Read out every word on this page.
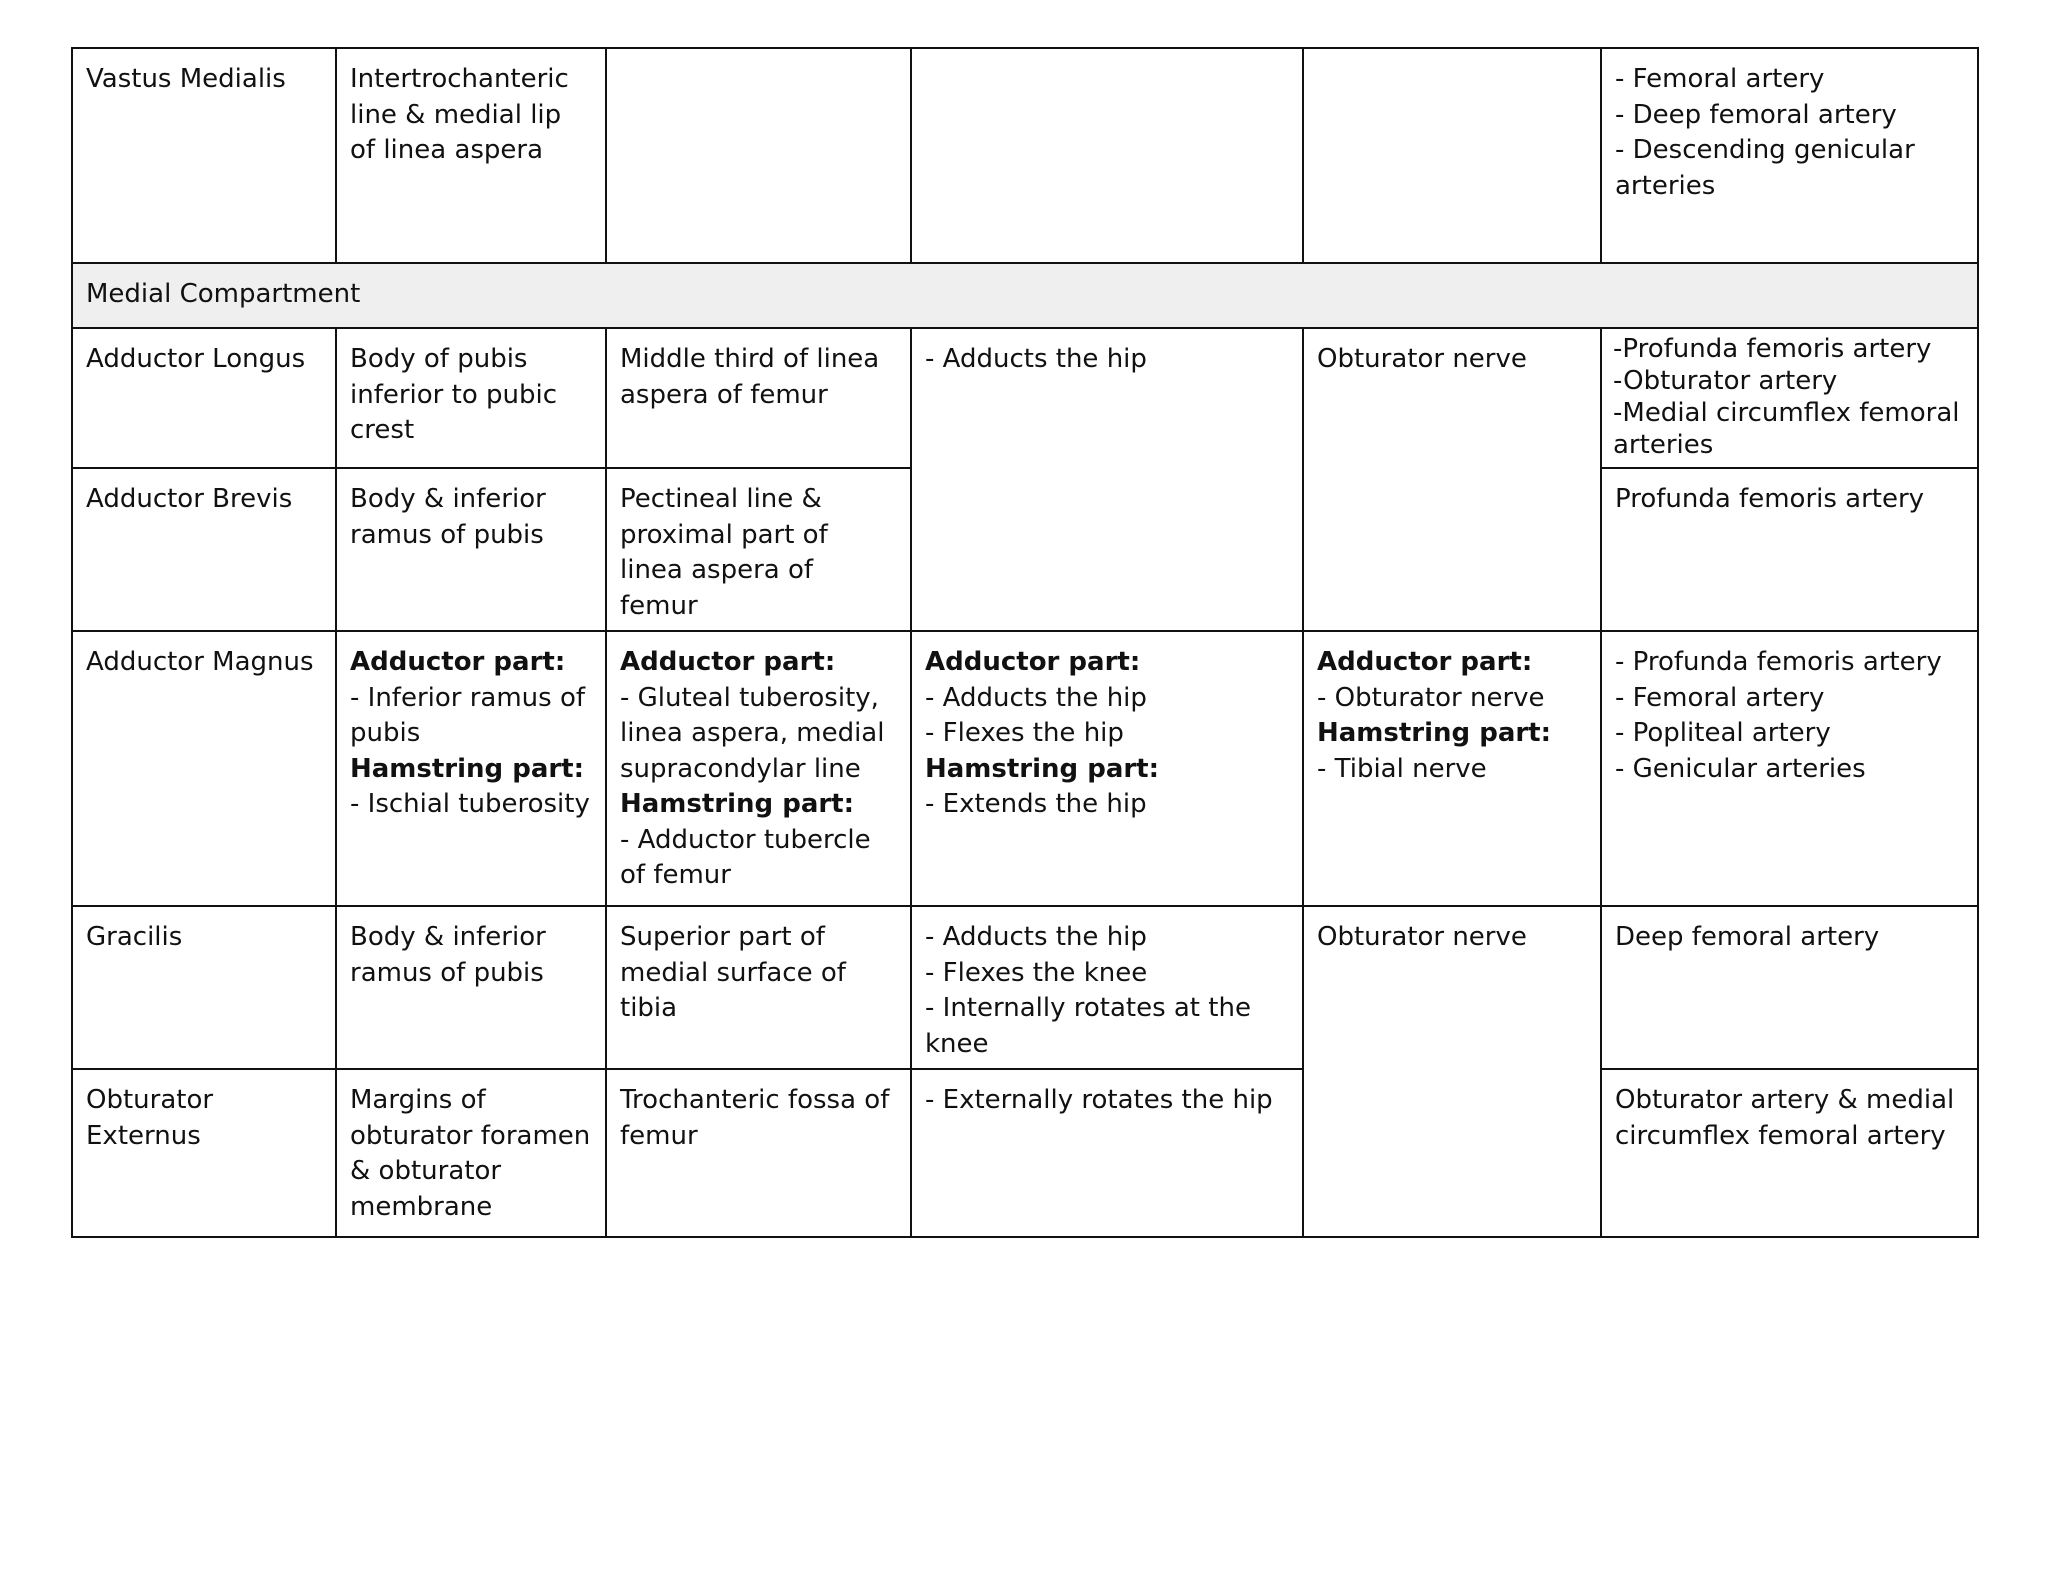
Vastus Medialis	Intertrochanteric line & medial lip of linea aspera				- Femoral artery
- Deep femoral artery
- Descending genicular arteries

Medial Compartment					

Adductor Longus	Body of pubis inferior to pubic crest	Middle third of linea aspera of femur	- Adducts the hip	Obturator nerve	-Profunda femoris artery
-Obturator artery
-Medial circumflex femoral arteries

Adductor Brevis	Body & inferior ramus of pubis	Pectineal line & proximal part of linea aspera of femur			Profunda femoris artery

Adductor Magnus	Adductor part:
- Inferior ramus of pubis
Hamstring part:
- Ischial tuberosity	Adductor part:
- Gluteal tuberosity, linea aspera, medial supracondylar line
Hamstring part:
- Adductor tubercle of femur	Adductor part:
- Adducts the hip
- Flexes the hip
Hamstring part:
- Extends the hip	Adductor part:
- Obturator nerve
Hamstring part:
- Tibial nerve	- Profunda femoris artery
- Femoral artery
- Popliteal artery
- Genicular arteries

Gracilis	Body & inferior ramus of pubis	Superior part of medial surface of tibia	- Adducts the hip
- Flexes the knee
- Internally rotates at the knee	Obturator nerve	Deep femoral artery

Obturator Externus	Margins of obturator foramen & obturator membrane	Trochanteric fossa of femur	- Externally rotates the hip		Obturator artery & medial circumflex femoral artery
